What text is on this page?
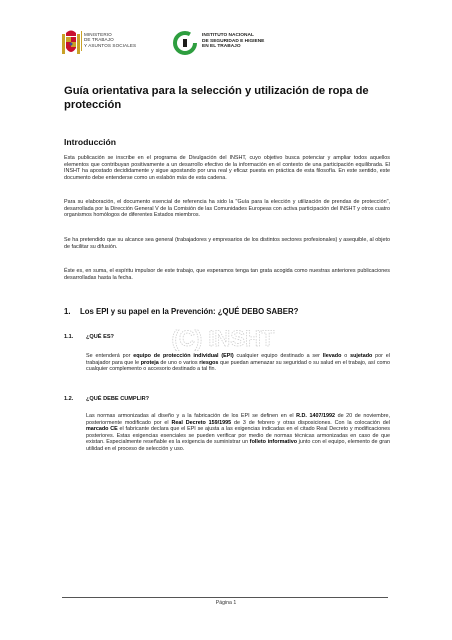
MINISTERIO
DE TRABAJO
Y ASUNTOS SOCIALES
INSTITUTO NACIONAL
DE SEGURIDAD E HIGIENE
EN EL TRABAJO
Guía orientativa para la selección y utilización de ropa de protección
Introducción
Esta publicación se inscribe en el programa de Divulgación del INSHT, cuyo objetivo busca potenciar y ampliar todos aquellos elementos que contribuyan positivamente a un desarrollo efectivo de la información en el contexto de una participación equilibrada. El INSHT ha apostado decididamente y sigue apostando por una real y eficaz puesta en práctica de esta filosofía. En este sentido, este documento debe entenderse como un eslabón más de esta cadena.
Para su elaboración, el documento esencial de referencia ha sido la "Guía para la elección y utilización de prendas de protección", desarrollada por la Dirección General V de la Comisión de las Comunidades Europeas con activa participación del INSHT y otros cuatro organismos homólogos de diferentes Estados miembros.
Se ha pretendido que su alcance sea general (trabajadores y empresarios de los distintos sectores profesionales) y asequible, al objeto de facilitar su difusión.
Éste es, en suma, el espíritu impulsor de este trabajo, que esperamos tenga tan grata acogida como nuestras anteriores publicaciones desarrolladas hasta la fecha.
1. Los EPI y su papel en la Prevención: ¿QUÉ DEBO SABER?
(C) INSHT
1.1. ¿QUÉ ES?
Se entenderá por equipo de protección individual (EPI) cualquier equipo destinado a ser llevado o sujetado por el trabajador para que le proteja de uno o varios riesgos que puedan amenazar su seguridad o su salud en el trabajo, así como cualquier complemento o accesorio destinado a tal fin.
1.2. ¿QUÉ DEBE CUMPLIR?
Las normas armonizadas al diseño y a la fabricación de los EPI se definen en el R.D. 1407/1992 de 20 de noviembre, posteriormente modificado por el Real Decreto 159/1995 de 3 de febrero y otras disposiciones. Con la colocación del marcado CE el fabricante declara que el EPI se ajusta a las exigencias indicadas en el citado Real Decreto y modificaciones posteriores. Estas exigencias esenciales se pueden verificar por medio de normas técnicas armonizadas en caso de que existan. Especialmente reseñable es la exigencia de suministrar un folleto informativo junto con el equipo, elemento de gran utilidad en el proceso de selección y uso.
Página 1
